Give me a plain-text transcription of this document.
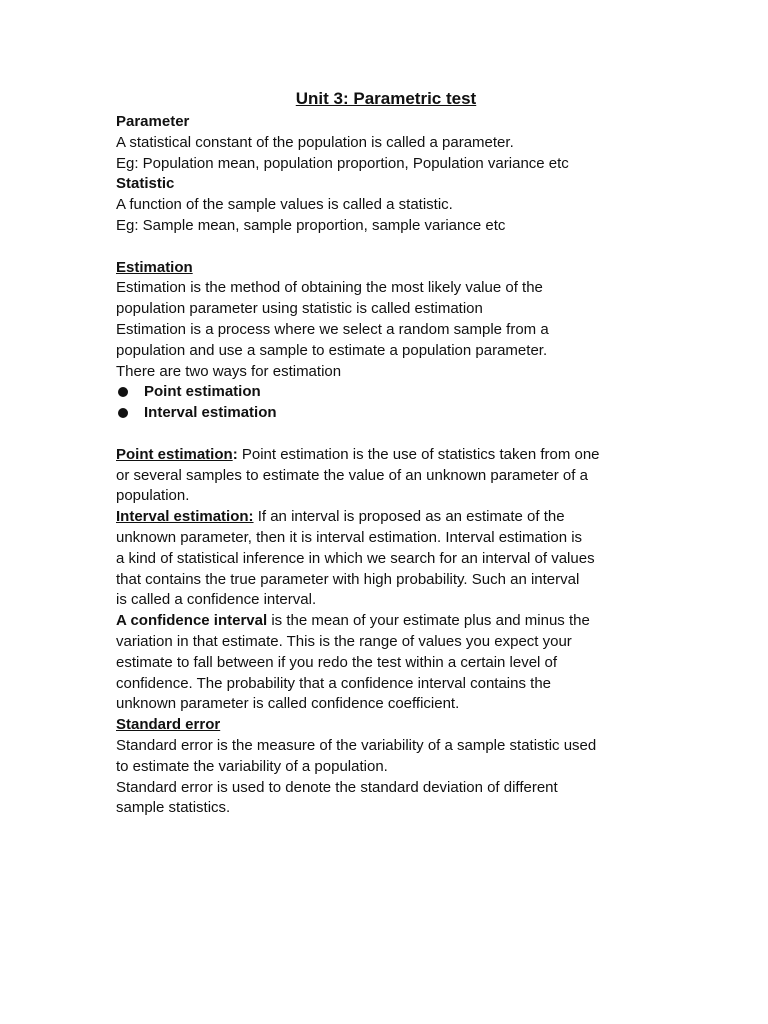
Unit 3: Parametric test
Parameter
A statistical constant of the population is called a parameter.
Eg: Population mean, population proportion, Population variance etc
Statistic
A function of the sample values is called a statistic.
Eg: Sample mean, sample proportion, sample variance etc
Estimation
Estimation is the method of obtaining the most likely value of the
population parameter using statistic is called estimation
Estimation is a process where we select a random sample from a
population and use a sample to estimate a population parameter.
There are two ways for estimation
Point estimation
Interval estimation
Point estimation: Point estimation is the use of statistics taken from one
or several samples to estimate the value of an unknown parameter of a
population.
Interval estimation: If an interval is proposed as an estimate of the
unknown parameter, then it is interval estimation. Interval estimation is
a kind of statistical inference in which we search for an interval of values
that contains the true parameter with high probability. Such an interval
is called a confidence interval.
A confidence interval is the mean of your estimate plus and minus the
variation in that estimate. This is the range of values you expect your
estimate to fall between if you redo the test within a certain level of
confidence. The probability that a confidence interval contains the
unknown parameter is called confidence coefficient.
Standard error
Standard error is the measure of the variability of a sample statistic used
to estimate the variability of a population.
Standard error is used to denote the standard deviation of different
sample statistics.
